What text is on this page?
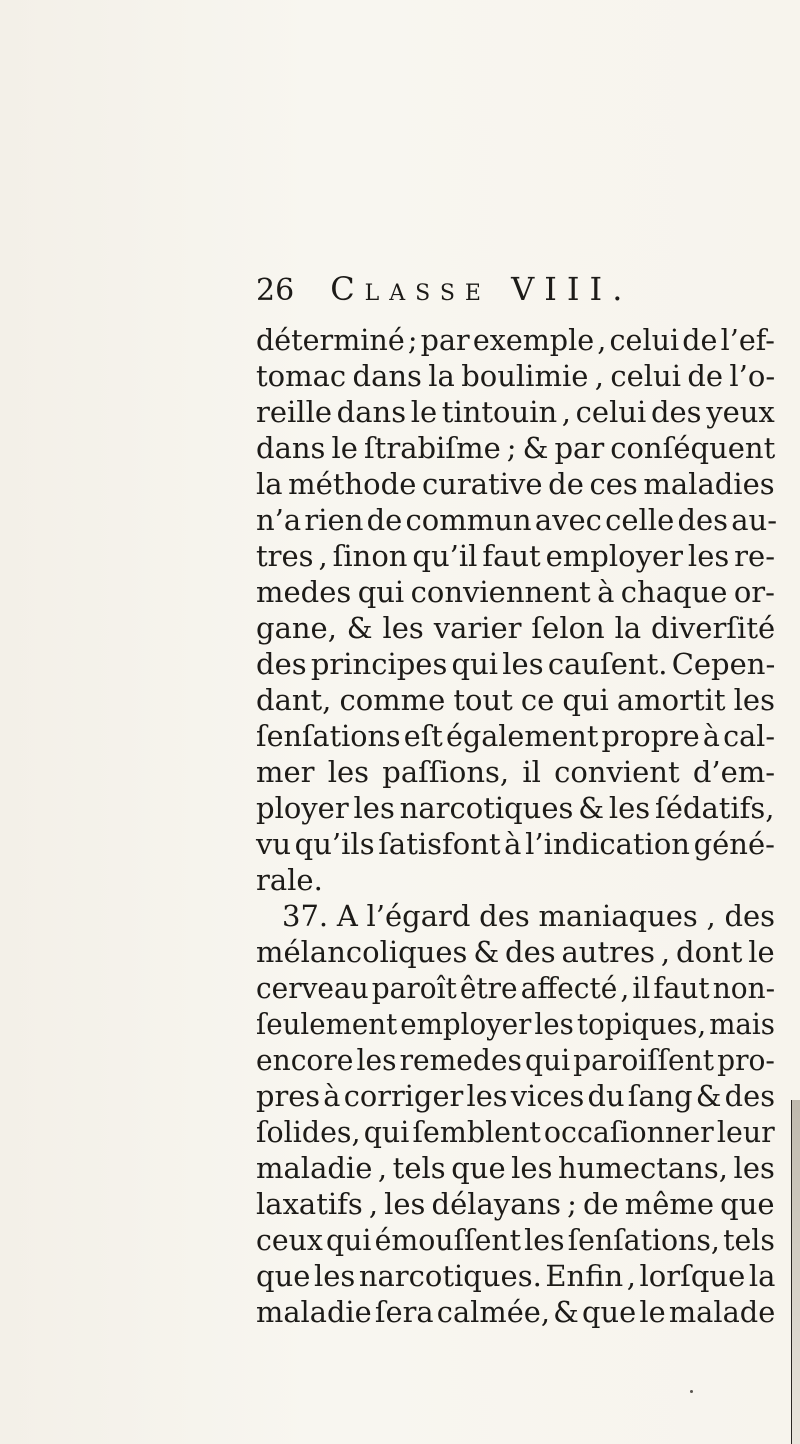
26 Classe VIII.
déterminé ; par exemple , celui de l’ef-
tomac dans la boulimie , celui de l’o-
reille dans le tintouin , celui des yeux
dans le ſtrabiſme ; & par conſéquent
la méthode curative de ces maladies
n’a rien de commun avec celle des au-
tres , ſinon qu’il faut employer les re-
medes qui conviennent à chaque or-
gane, & les varier ſelon la diverſité
des principes qui les cauſent. Cepen-
dant, comme tout ce qui amortit les
ſenſations eſt également propre à cal-
mer les paſſions, il convient d’em-
ployer les narcotiques & les ſédatifs,
vu qu’ils ſatisfont à l’indication géné-
rale.
37. A l’égard des maniaques , des
mélancoliques & des autres , dont le
cerveau paroît être affecté , il faut non-
ſeulement employer les topiques, mais
encore les remedes qui paroiſſent pro-
pres à corriger les vices du ſang & des
ſolides, qui ſemblent occaſionner leur
maladie , tels que les humectans, les
laxatifs , les délayans ; de même que
ceux qui émouſſent les ſenſations, tels
que les narcotiques. Enfin , lorſque la
maladie ſera calmée, & que le malade
